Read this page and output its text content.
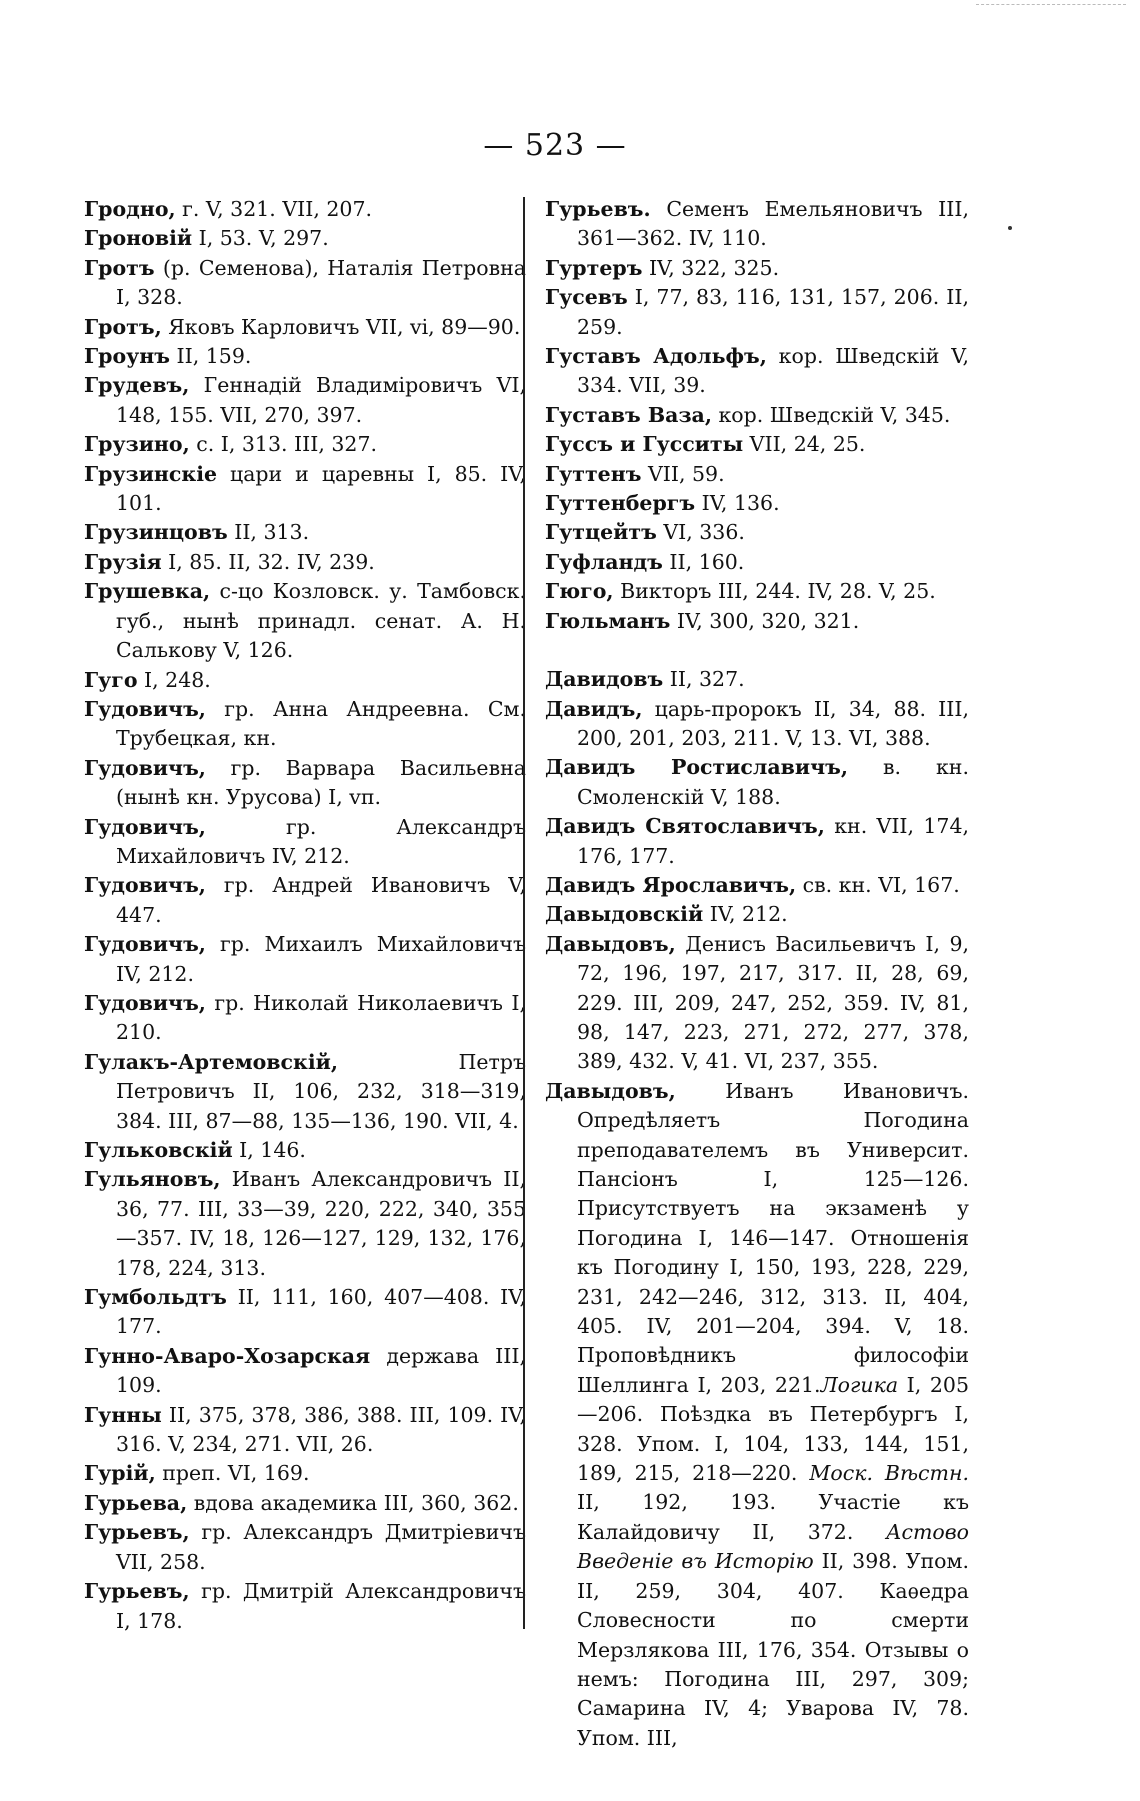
— 523 —
Гродно, г. V, 321. VII, 207.
Гроновій I, 53. V, 297.
Гротъ (р. Семенова), Наталія Петровна I, 328.
Гротъ, Яковъ Карловичъ VII, vi, 89—90.
Гроунъ II, 159.
Грудевъ, Геннадій Владиміровичъ VI, 148, 155. VII, 270, 397.
Грузино, с. I, 313. III, 327.
Грузинскіе цари и царевны I, 85. IV, 101.
Грузинцовъ II, 313.
Грузія I, 85. II, 32. IV, 239.
Грушевка, с-цо Козловск. у. Тамбовск. губ., нынѣ принадл. сенат. А. Н. Салькову V, 126.
Гуго I, 248.
Гудовичъ, гр. Анна Андреевна. См. Трубецкая, кн.
Гудовичъ, гр. Варвара Васильевна (нынѣ кн. Урусова) I, vп.
Гудовичъ, гр. Александръ Михайловичъ IV, 212.
Гудовичъ, гр. Андрей Ивановичъ V, 447.
Гудовичъ, гр. Михаилъ Михайловичъ IV, 212.
Гудовичъ, гр. Николай Николаевичъ I, 210.
Гулакъ-Артемовскій, Петръ Петровичъ II, 106, 232, 318—319, 384. III, 87—88, 135—136, 190. VII, 4.
Гульковскій I, 146.
Гульяновъ, Иванъ Александровичъ II, 36, 77. III, 33—39, 220, 222, 340, 355—357. IV, 18, 126—127, 129, 132, 176, 178, 224, 313.
Гумбольдтъ II, 111, 160, 407—408. IV, 177.
Гунно-Аваро-Хозарская держава III, 109.
Гунны II, 375, 378, 386, 388. III, 109. IV, 316. V, 234, 271. VII, 26.
Гурій, преп. VI, 169.
Гурьева, вдова академика III, 360, 362.
Гурьевъ, гр. Александръ Дмитріевичъ VII, 258.
Гурьевъ, гр. Дмитрій Александровичъ I, 178.
Гурьевъ. Семенъ Емельяновичъ III, 361—362. IV, 110.
Гуртеръ IV, 322, 325.
Гусевъ I, 77, 83, 116, 131, 157, 206. II, 259.
Густавъ Адольфъ, кор. Шведскій V, 334. VII, 39.
Густавъ Ваза, кор. Шведскій V, 345.
Гуссъ и Гусситы VII, 24, 25.
Гуттенъ VII, 59.
Гуттенбергъ IV, 136.
Гутцейтъ VI, 336.
Гуфландъ II, 160.
Гюго, Викторъ III, 244. IV, 28. V, 25.
Гюльманъ IV, 300, 320, 321.
Давидовъ II, 327.
Давидъ, царь-пророкъ II, 34, 88. III, 200, 201, 203, 211. V, 13. VI, 388.
Давидъ Ростиславичъ, в. кн. Смоленскій V, 188.
Давидъ Святославичъ, кн. VII, 174, 176, 177.
Давидъ Ярославичъ, св. кн. VI, 167.
Давыдовскій IV, 212.
Давыдовъ, Денисъ Васильевичъ I, 9, 72, 196, 197, 217, 317. II, 28, 69, 229. III, 209, 247, 252, 359. IV, 81, 98, 147, 223, 271, 272, 277, 378, 389, 432. V, 41. VI, 237, 355.
Давыдовъ, Иванъ Ивановичъ. Опредѣляетъ Погодина преподавателемъ въ Университ. Пансіонъ I, 125—126. Присутствуетъ на экзаменѣ у Погодина I, 146—147. Отношенія къ Погодину I, 150, 193, 228, 229, 231, 242—246, 312, 313. II, 404, 405. IV, 201—204, 394. V, 18. Проповѣдникъ философіи Шеллинга I, 203, 221.Логика I, 205—206. Поѣздка въ Петербургъ I, 328. Упом. I, 104, 133, 144, 151, 189, 215, 218—220. Моск. Вѣстн. II, 192, 193. Участіе къ Калайдовичу II, 372. Астово Введеніе въ Исторію II, 398. Упом. II, 259, 304, 407. Каѳедра Словесности по смерти Мерзлякова III, 176, 354. Отзывы о немъ: Погодина III, 297, 309; Самарина IV, 4; Уварова IV, 78. Упом. III,
